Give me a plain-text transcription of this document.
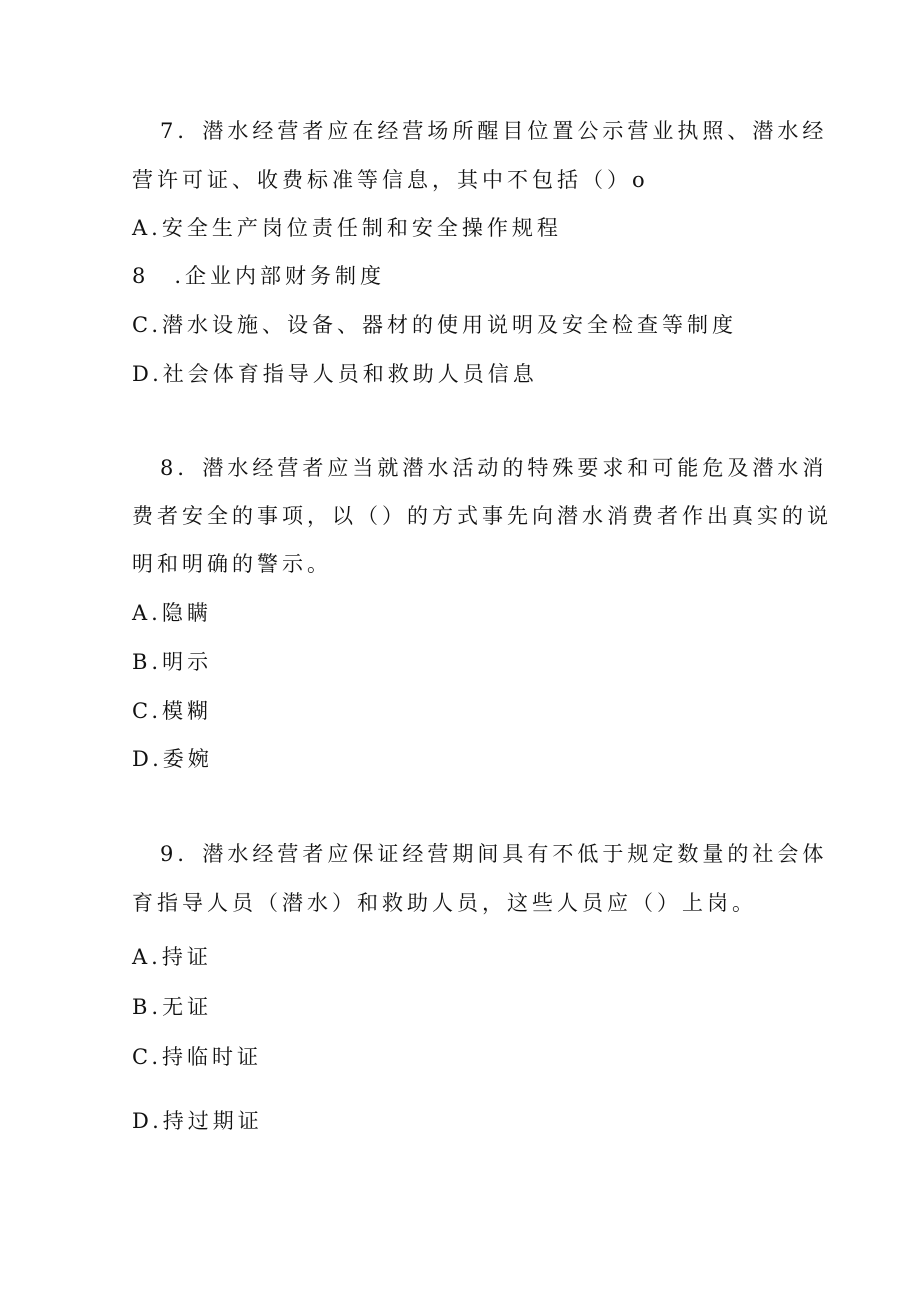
7．潜水经营者应在经营场所醒目位置公示营业执照、潜水经
营许可证、收费标准等信息，其中不包括（）o
A.安全生产岗位责任制和安全操作规程
8　.企业内部财务制度
C.潜水设施、设备、器材的使用说明及安全检查等制度
D.社会体育指导人员和救助人员信息
8．潜水经营者应当就潜水活动的特殊要求和可能危及潜水消
费者安全的事项，以（）的方式事先向潜水消费者作出真实的说
明和明确的警示。
A.隐瞒
B.明示
C.模糊
D.委婉
9．潜水经营者应保证经营期间具有不低于规定数量的社会体
育指导人员（潜水）和救助人员，这些人员应（）上岗。
A.持证
B.无证
C.持临时证
D.持过期证
